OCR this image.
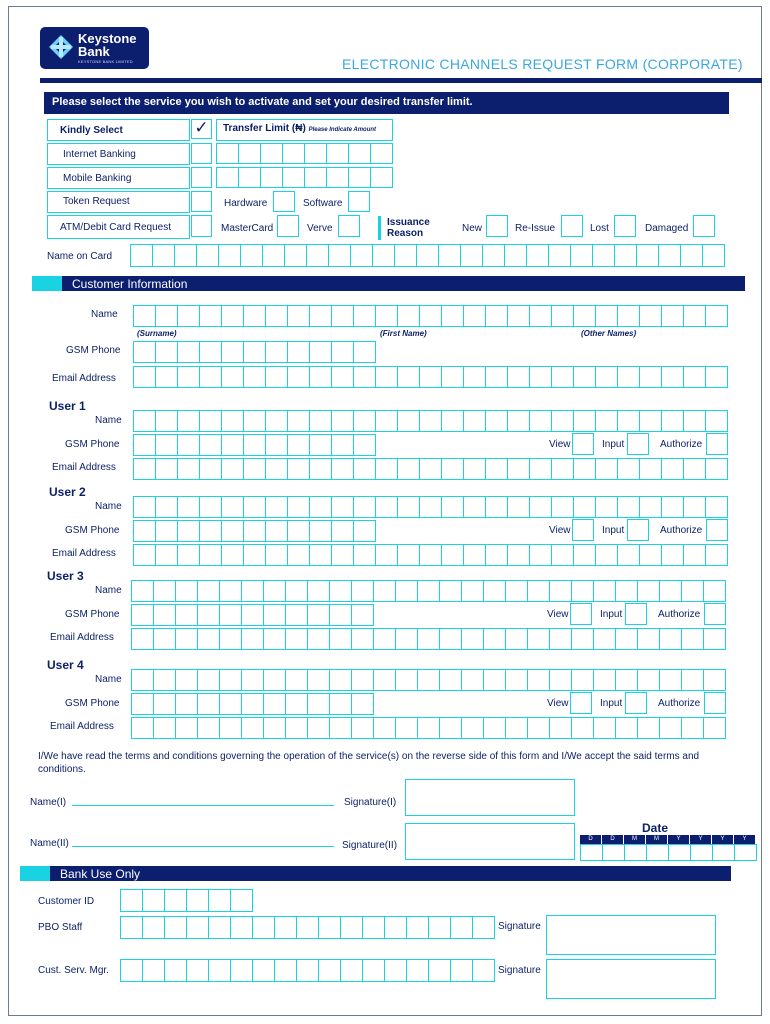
Keystone
Bank
KEYSTONE BANK LIMITED	ELECTRONIC CHANNELS REQUEST FORM (CORPORATE)
Please select the service you wish to activate and set your desired transfer limit.
Kindly Select	✓	Transfer Limit (₦) Please Indicate Amount
Internet Banking
Mobile Banking
Token Request	Hardware	Software
ATM/Debit Card Request	MasterCard	Verve
Issuance
Reason	New	Re-Issue	Lost	Damaged
Name on Card
Customer Information
Name
(Surname)	(First Name)	(Other Names)
GSM Phone
Email Address
User 1
Name
GSM Phone	View	Input	Authorize
Email Address
User 2
Name
GSM Phone	View	Input	Authorize
Email Address
User 3
Name
GSM Phone	View	Input	Authorize
Email Address
User 4
Name
GSM Phone	View	Input	Authorize
Email Address
I/We have read the terms and conditions governing the operation of the service(s) on the reverse side of this form and I/We accept the said terms and conditions.
Name(I)	Signature(I)
Name(II)	Signature(II)
Date
D	D	M	M	Y	Y	Y	Y
Bank Use Only
Customer ID
PBO Staff	Signature
Cust. Serv. Mgr.	Signature
